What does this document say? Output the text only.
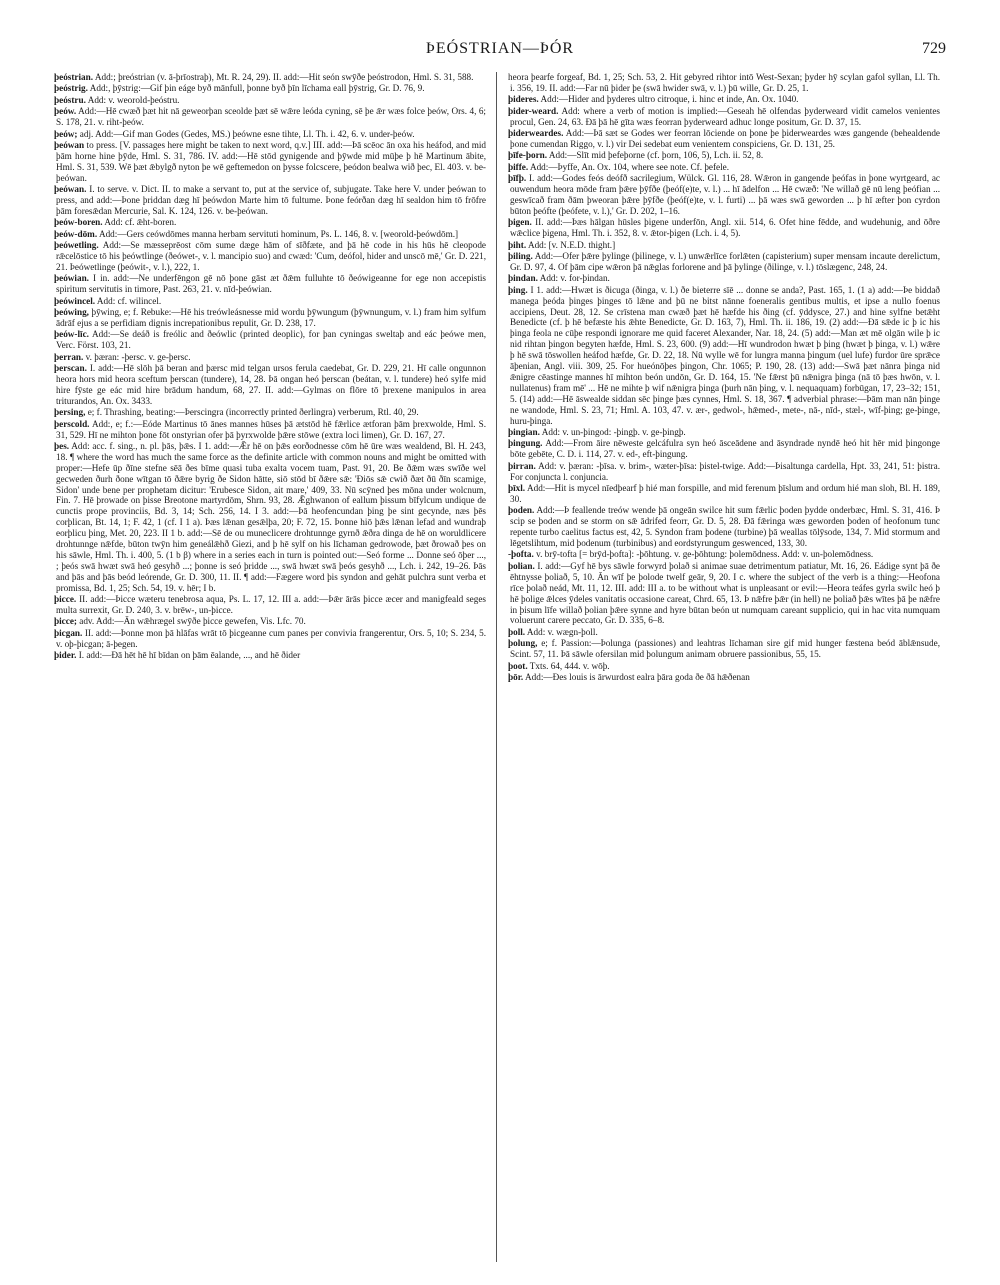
ÞEÓSTRIAN—ÞÓR	729

þeóstrian. Add:; þreóstrian (v. ā-þrīostraþ), Mt. R. 24, 29). II. add:—Hit seón swȳðe þeóstrodon, Hml. S. 31, 588.

þeóstrig. Add:, þȳstrig:—Gif þin eáge byð mānfull, þonne byð þīn līchama eall þȳstrig, Gr. D. 76, 9.

þeóstru. Add: v. weorold-þeóstru.

þeów. Add:—Hē cwæð þæt hit nā geweorþan sceolde þæt sē wǣre leóda cyning, sē þe ǣr wæs folce þeów, Ors. 4, 6; S. 178, 21. v. riht-þeów.

þeów; adj. Add:—Gif man Godes (Gedes, MS.) þeówne esne tihte, Ll. Th. i. 42, 6. v. under-þeów.

þeówan to press. [V. passages here might be taken to next word, q.v.] III. add:—Þā scēoc ān oxa his heáfod, and mid þām horne hine þȳde, Hml. S. 31, 786. IV. add:—Hē stōd gynigende and þȳwde mid mūþe þ hē Martinum ābite, Hml. S. 31, 539. Wē þæt ǣbylgð nyton þe wē geftemedon on þysse folcscere, þeódon bealwa wið þec, El. 403. v. be-þeówan.

þeówan. I. to serve. v. Dict. II. to make a servant to, put at the service of, subjugate. Take here V. under þeówan to press, and add:—Þone þriddan dæg hī þeówdon Marte him tō fultume. Þone feórðan dæg hī sealdon him tō frōfre þām foresǣdan Mercurie, Sal. K. 124, 126. v. be-þeówan.

þeów-boren. Add: cf. ǣht-boren.

þeów-dōm. Add:—Gers ceówdōmes manna herbam servituti hominum, Ps. L. 146, 8. v. [weorold-þeówdōm.]

þeówetling. Add:—Se mæsseprēost cōm sume dæge hām of sīðfæte, and þā hē code in his hūs hē cleopode rǣcelōstice tō his þeówtlinge (ðeówet-, v. l. mancipio suo) and cwæd: 'Cum, deófol, hider and unscō mē,' Gr. D. 221, 21. Þeówetlinge (þeówit-, v. l.), 222, 1.

þeówian. I in. add:—Ne underfēngon gē nō þone gāst æt ðǣm fulluhte tō ðeówigeanne for ege non accepistis spiritum servitutis in timore, Past. 263, 21. v. nīd-þeówian.

þeówincel. Add: cf. wilincel.

þeówing, þȳwing, e; f. Rebuke:—Hē his treówleásnesse mid wordu þȳwungum (þȳwnungum, v. l.) fram him sylfum ādrāf ejus a se perfidiam dignis increpationibus repulit, Gr. D. 238, 17.

þeów-līc. Add:—Se deáð is freólic and ðeówlic (printed deoplic), for þan cyningas sweltaþ and eác þeówe men, Verc. Först. 103, 21.

þerran. v. þæran: -þersc. v. ge-þersc.

þerscan. I. add:—Hē slōh þā beran and þærsc mid telgan ursos ferula caedebat, Gr. D. 229, 21. Hī calle ongunnon heora hors mid heora sceftum þerscan (tundere), 14, 28. Þā ongan heó þerscan (beátan, v. l. tundere) heó sylfe mid hire fȳste ge eác mid hire brādum handum, 68, 27. II. add:—Gylmas on flōre tō þrexene manipulos in area triturandos, An. Ox. 3433.

þersing, e; f. Thrashing, beating:—Þerscingra (incorrectly printed ðerlingra) verberum, Rtl. 40, 29.

þerscold. Add:, e; f.:—Eóde Martinus tō ānes mannes hūses þā ætstōd hē fǣrlice ætforan þām þrexwolde, Hml. S. 31, 529. Hī ne mihton þone fōt onstyrian ofer þā þyrxwolde þǣre stōwe (extra loci limen), Gr. D. 167, 27.

þes. Add: acc. f. sing., n. pl. þās, þǣs. I 1. add:—Ǣr hē on þǣs eorðodnesse cōm hē ūre wæs wealdend, Bl. H. 243, 18. ¶ where the word has much the same force as the definite article with common nouns and might be omitted with proper:—Hefe ūp ðīne stefne sēā ðes bīme quasi tuba exalta vocem tuam, Past. 91, 20. Be ðǣm wæs swīðe wel gecweden ðurh ðone wītgan tō ðǣre byrig ðe Sidon hātte, siō stōd bī ðǣre sǣ: 'Ðiōs sǣ cwið ðæt ðū ðīn scamige, Sidon' unde bene per prophetam dicitur: 'Erubesce Sidon, ait mare,' 409, 33. Nū scȳned þes mōna under wolcnum, Fin. 7. Hē þrowade on þisse Breotone martyrdōm, Shrn. 93, 28. Ǣghwanon of eallum þissum bīfylcum undique de cunctis prope provinciis, Bd. 3, 14; Sch. 256, 14. I 3. add:—Þā heofencundan þing þe sint gecynde, næs þēs corþlican, Bt. 14, 1; F. 42, 1 (cf. I 1 a). Þæs lǣnan gesǣlþa, 20; F. 72, 15. Þonne hiō þǣs lǣnan lefad and wundraþ eorþlicu þing, Met. 20, 223. II 1 b. add:—Sē de ou muneclicere drohtunnge gyrnð ǣðra dinga de hē on woruldlicere drohtunnge nǣfde, būton twȳn him geneálǣhð Giezi, and þ hē sylf on his līchaman gedrowode, þæt ðrowað þes on his sāwle, Hml. Th. i. 400, 5. (1 b β) where in a series each in turn is pointed out:—Seó forme ... Donne seó ōþer ..., ; þeós swā hwæt swā heó gesyhð ...; þonne is seó þridde ..., swā hwæt swā þeós gesyhð ..., Lch. i. 242, 19–26. Þās and þās and þās beód leórende, Gr. D. 300, 11. II. ¶ add:—Fægere word þis syndon and gehāt pulchra sunt verba et promissa, Bd. 1, 25; Sch. 54, 19. v. hēr; I b.

þicce. II. add:—Þicce wæteru tenebrosa aqua, Ps. L. 17, 12. III a. add:—Þǣr ārās þicce æcer and manigfeald seges multa surrexit, Gr. D. 240, 3. v. brēw-, un-þicce.

þicce; adv. Add:—Ān wǣhrægel swȳðe þicce gewefen, Vis. Lfc. 70.

þicgan. II. add:—Þonne mon þā hlāfas wrāt tō þicgeanne cum panes per convivia frangerentur, Ors. 5, 10; S. 234, 5. v. oþ-þicgan; ā-þegen.

þider. I. add:—Ðā hēt hē hī bīdan on þām ēalande, ..., and hē ðider

heora þearfe forgeaf, Bd. 1, 25; Sch. 53, 2. Hit gebyred rihtor intō West-Sexan; þyder hȳ scylan gafol syllan, Ll. Th. i. 356, 19. II. add:—Far nū þider þe (swā hwider swā, v. l.) þū wille, Gr. D. 25, 1.

þideres. Add:—Hider and þyderes ultro citroque, i. hinc et inde, An. Ox. 1040.

þider-weard. Add: where a verb of motion is implied:—Geseah hē olfendas þyderweard vidit camelos venientes procul, Gen. 24, 63. Ðā þā hē gīta wæs feorran þyderweard adhuc longe positum, Gr. D. 37, 15.

þiderweardes. Add:—Þā sæt se Godes wer feorran lōciende on þone þe þiderweardes wæs gangende (behealdende þone cumendan Riggo, v. l.) vir Dei sedebat eum venientem conspiciens, Gr. D. 131, 25.

þīfe-þorn. Add:—Slīt mid þefeþorne (cf. þorn, 106, 5), Lch. ii. 52, 8.

þiffe. Add:—Þyffe, An. Ox. 104, where see note. Cf. þefele.

þīfþ. I. add:—Godes feós deófð sacrilegium, Wülck. Gl. 116, 28. Wǣron in gangende þeófas in þone wyrtgeard, ac ouwendum heora mōde fram þǣre þȳfðe (þeóf(e)te, v. l.) ... hī ādelfon ... Hē cwæð: 'Ne willað gē nū leng þeófian ... geswīcað fram ðām þweoran þǣre þȳfðe (þeóf(e)te, v. l. furti) ... þā wæs swā geworden ... þ hī æfter þon cyrdon būton þeófte (þeófete, v. l.),' Gr. D. 202, 1–16.

þigen. II. add:—Þæs hālgan hūsles þigene underfōn, Angl. xii. 514, 6. Ofet hine fēdde, and wudehunig, and ōðre wǣclice þigena, Hml. Th. i. 352, 8. v. ǣtor-þigen (Lch. i. 4, 5).

þiht. Add: [v. N.E.D. thight.]

þiling. Add:—Ofer þǣre þylinge (þilinege, v. l.) unwǣrlīce forlǣten (capisterium) super mensam incaute derelictum, Gr. D. 97, 4. Of þām cipe wǣron þā nǣglas forlorene and þā þylinge (ðilinge, v. l.) tōslægenc, 248, 24.

þindan. Add: v. for-þindan.

þing. I 1. add:—Hwæt is ðicuga (ðinga, v. l.) ðe bieterre sīē ... donne se anda?, Past. 165, 1. (1 a) add:—Þe biddað manega þeóda þinges þinges tō lǣne and þū ne bitst nānne foeneralis gentibus multis, et ipse a nullo foenus accipiens, Deut. 28, 12. Se crīstena man cwæð þæt hē hæfde his ðing (cf. ȳddysce, 27.) and hine sylfne betǣht Benedicte (cf. þ hē befæste his ǣhte Benedicte, Gr. D. 163, 7), Hml. Th. ii. 186, 19. (2) add:—Ðā sǣde ic þ ic his þinga feola ne cūþe respondi ignorare me quid faceret Alexander, Nar. 18, 24. (5) add:—Man æt mē olgān wile þ ic nid rihtan þingon begyten hæfde, Hml. S. 23, 600. (9) add:—Hī wundrodon hwæt þ þing (hwæt þ þinga, v. l.) wǣre þ hē swā tōswollen heáfod hæfde, Gr. D. 22, 18. Nū wylle wē for lungra manna þingum (uel lufe) furdor ūre sprǣce āþenian, Angl. viii. 309, 25. For hueónōþes þingon, Chr. 1065; P. 190, 28. (13) add:—Swā þæt nānra þinga nid ǣnigre cēastinge mannes hī mihton beón undōn, Gr. D. 164, 15. 'Ne fǣrst þū nǣnigra þinga (nā tō þæs hwōn, v. l. nullatenus) fram mē' ... Hē ne mihte þ wif nǣnigra þinga (þurh nān þing, v. l. nequaquam) forbūgan, 17, 23–32; 151, 5. (14) add:—Hē āswealde siddan sēc þinge þæs cynnes, Hml. S. 18, 367. ¶ adverbial phrase:—Þām man nān þinge ne wandode, Hml. S. 23, 71; Hml. A. 103, 47. v. ær-, gedwol-, hǣmed-, mete-, nā-, nīd-, stæl-, wīf-þing; ge-þinge, huru-þinga.

þingian. Add: v. un-þingod: -þingþ. v. ge-þingþ.

þingung. Add:—From āire nēweste gelcáfulra syn heó āsceādene and āsyndrade nyndē heó hit hēr mid þingonge bōte gebēte, C. D. i. 114, 27. v. ed-, eft-þingung.

þirran. Add: v. þæran: -þīsa. v. brim-, wæter-þīsa: þistel-twige. Add:—Þisaltunga cardella, Hpt. 33, 241, 51: þistra. For conjuncta l. conjuncia.

þīxl. Add:—Hit is mycel nīedþearf þ hié man forspille, and mid ferenum þīslum and ordum hié man sloh, Bl. H. 189, 30.

þoden. Add:—Þ feallende treów wende þā ongeān swilce hit sum fǣrlic þoden þydde onderbæc, Hml. S. 31, 416. Þ scip se þoden and se storm on sǣ ādrifed feorr, Gr. D. 5, 28. Ðā fǣringa wæs geworden þoden of heofonum tunc repente turbo caelitus factus est, 42, 5. Syndon fram þodene (turbine) þā weallas tōlȳsode, 134, 7. Mid stormum and lēgetslihtum, mid þodenum (turbinibus) and eordstyrungum geswenced, 133, 30.

-þofta. v. brȳ-tofta [= brȳd-þofta]: -þōhtung. v. ge-þōhtung: þolemōdness. Add: v. un-þolemōdness.

þolian. I. add:—Gyf hē bys sāwle forwyrd þolað si animae suae detrimentum patiatur, Mt. 16, 26. Eádige synt þā ðe ēhtnysse þoliað, 5, 10. Ān wīf þe þolode twelf geār, 9, 20. I c. where the subject of the verb is a thing:—Heofona rīce þolað neád, Mt. 11, 12. III. add: III a. to be without what is unpleasant or evil:—Heora teáfes gyrla swilc heó þ hē þolige ǣlces ȳdeles vanitatis occasione careat, Chrd. 65, 13. Þ nǣfre þǣr (in hell) ne þoliað þǣs wītes þā þe nǣfre in þisum līfe willað þolian þǣre synne and hyre būtan beón ut numquam careant supplicio, qui in hac vita numquam voluerunt carere peccato, Gr. D. 335, 6–8.

þoll. Add: v. wægn-þoll.

þolung, e; f. Passion:—Þolunga (passiones) and leahtras līchaman sire gif mid hunger fæstena beód āblǣnsude, Scint. 57, 11. Þā sāwle ofersilan mid þolungum animam obruere passionibus, 55, 15.

þoot. Txts. 64, 444. v. wōþ.

þōr. Add:—Ðes louis is ārwurdost ealra þāra goda ðe ðā hǣðenan
